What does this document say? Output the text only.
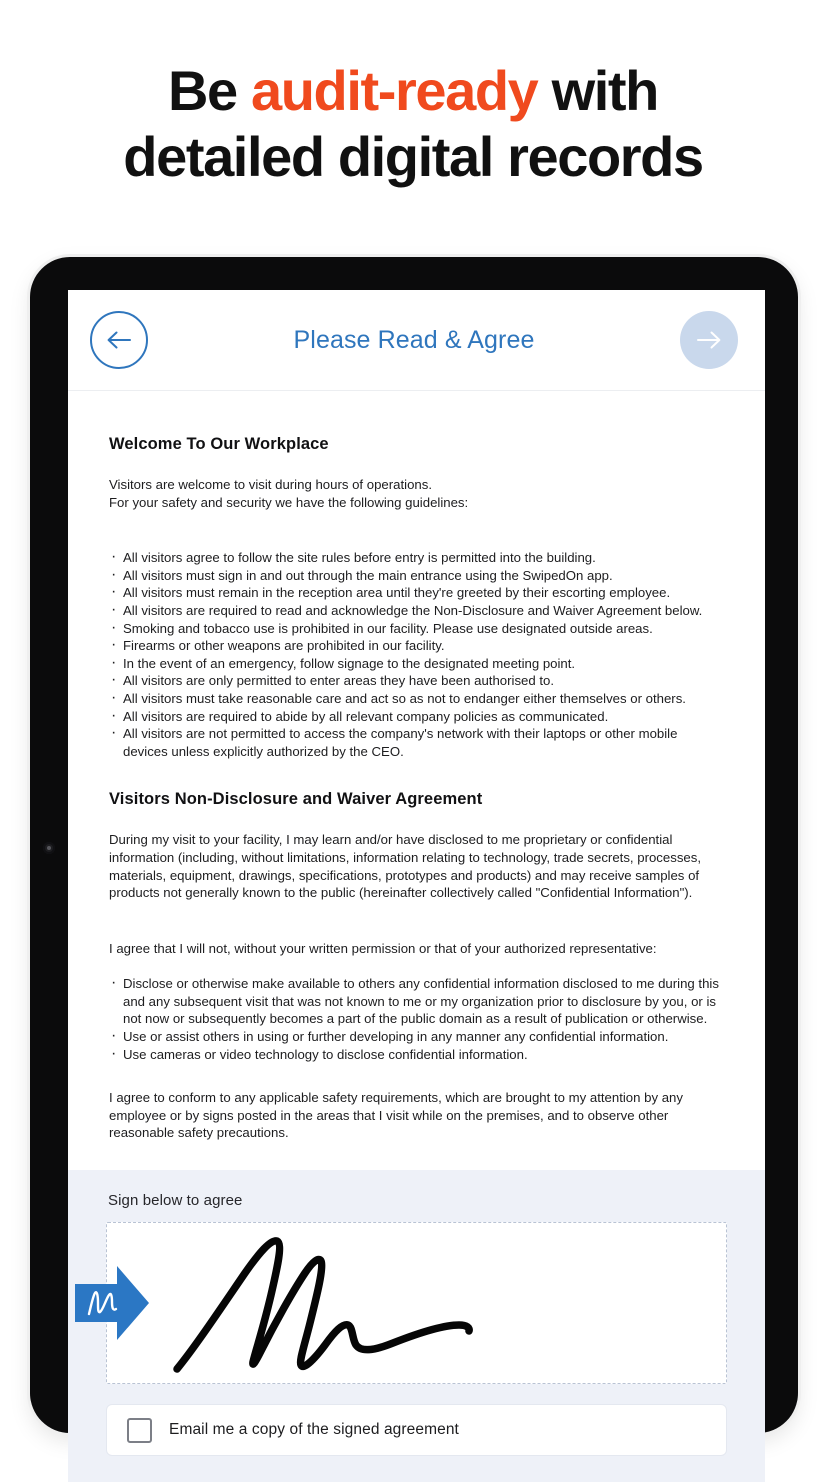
Be audit-ready with
detailed digital records
Please Read & Agree
Welcome To Our Workplace

Visitors are welcome to visit during hours of operations.

For your safety and security we have the following guidelines:

· All visitors agree to follow the site rules before entry is permitted into the building.
· All visitors must sign in and out through the main entrance using the SwipedOn app.
· All visitors must remain in the reception area until they're greeted by their escorting employee.
· All visitors are required to read and acknowledge the Non-Disclosure and Waiver Agreement below.
· Smoking and tobacco use is prohibited in our facility. Please use designated outside areas.
· Firearms or other weapons are prohibited in our facility.
· In the event of an emergency, follow signage to the designated meeting point.
· All visitors are only permitted to enter areas they have been authorised to.
· All visitors must take reasonable care and act so as not to endanger either themselves or others.
· All visitors are required to abide by all relevant company policies as communicated.
· All visitors are not permitted to access the company's network with their laptops or other mobile devices unless explicitly authorized by the CEO.
Visitors Non-Disclosure and Waiver Agreement

During my visit to your facility, I may learn and/or have disclosed to me proprietary or confidential information (including, without limitations, information relating to technology, trade secrets, processes, materials, equipment, drawings, specifications, prototypes and products) and may receive samples of products not generally known to the public (hereinafter collectively called "Confidential Information").

I agree that I will not, without your written permission or that of your authorized representative:

· Disclose or otherwise make available to others any confidential information disclosed to me during this and any subsequent visit that was not known to me or my organization prior to disclosure by you, or is not now or subsequently becomes a part of the public domain as a result of publication or otherwise.
· Use or assist others in using or further developing in any manner any confidential information.
· Use cameras or video technology to disclose confidential information.

I agree to conform to any applicable safety requirements, which are brought to my attention by any employee or by signs posted in the areas that I visit while on the premises, and to observe other reasonable safety precautions.

Sign below to agree
Email me a copy of the signed agreement
